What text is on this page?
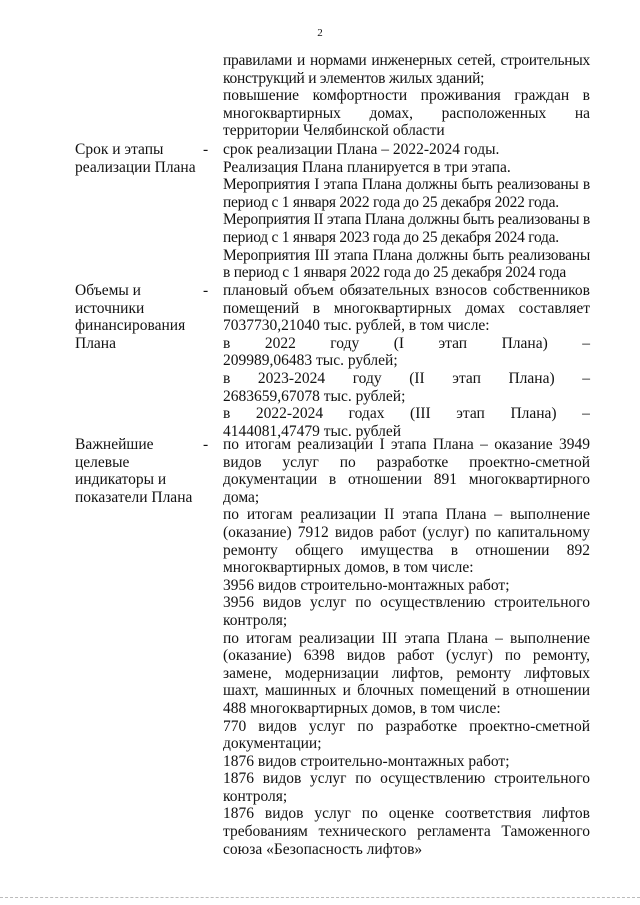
2

правилами и нормами инженерных сетей, строительных конструкций и элементов жилых зданий;

повышение комфортности проживания граждан в многоквартирных домах, расположенных на территории Челябинской области

Срок и этапы реализации Плана
- срок реализации Плана – 2022-2024 годы.

Реализация Плана планируется в три этапа.

Мероприятия I этапа Плана должны быть реализованы в период с 1 января 2022 года до 25 декабря 2022 года.

Мероприятия II этапа Плана должны быть реализованы в период с 1 января 2023 года до 25 декабря 2024 года.

Мероприятия III этапа Плана должны быть реализованы в период с 1 января 2022 года до 25 декабря 2024 года

Объемы и источники финансирования Плана
- плановый объем обязательных взносов собственников помещений в многоквартирных домах составляет 7037730,21040 тыс. рублей, в том числе:

в 2022 году (I этап Плана) –

209989,06483 тыс. рублей;

в 2023-2024 году (II этап Плана) –

2683659,67078 тыс. рублей;

в 2022-2024 годах (III этап Плана) –

4144081,47479 тыс. рублей

Важнейшие целевые индикаторы и показатели Плана
- по итогам реализации I этапа Плана – оказание 3949 видов услуг по разработке проектно-сметной документации в отношении 891 многоквартирного дома;

по итогам реализации II этапа Плана – выполнение (оказание) 7912 видов работ (услуг) по капитальному ремонту общего имущества в отношении 892 многоквартирных домов, в том числе:

3956 видов строительно-монтажных работ;

3956 видов услуг по осуществлению строительного контроля;

по итогам реализации III этапа Плана – выполнение (оказание) 6398 видов работ (услуг) по ремонту, замене, модернизации лифтов, ремонту лифтовых шахт, машинных и блочных помещений в отношении 488 многоквартирных домов, в том числе:

770 видов услуг по разработке проектно-сметной документации;

1876 видов строительно-монтажных работ;

1876 видов услуг по осуществлению строительного контроля;

1876 видов услуг по оценке соответствия лифтов требованиям технического регламента Таможенного союза «Безопасность лифтов»
